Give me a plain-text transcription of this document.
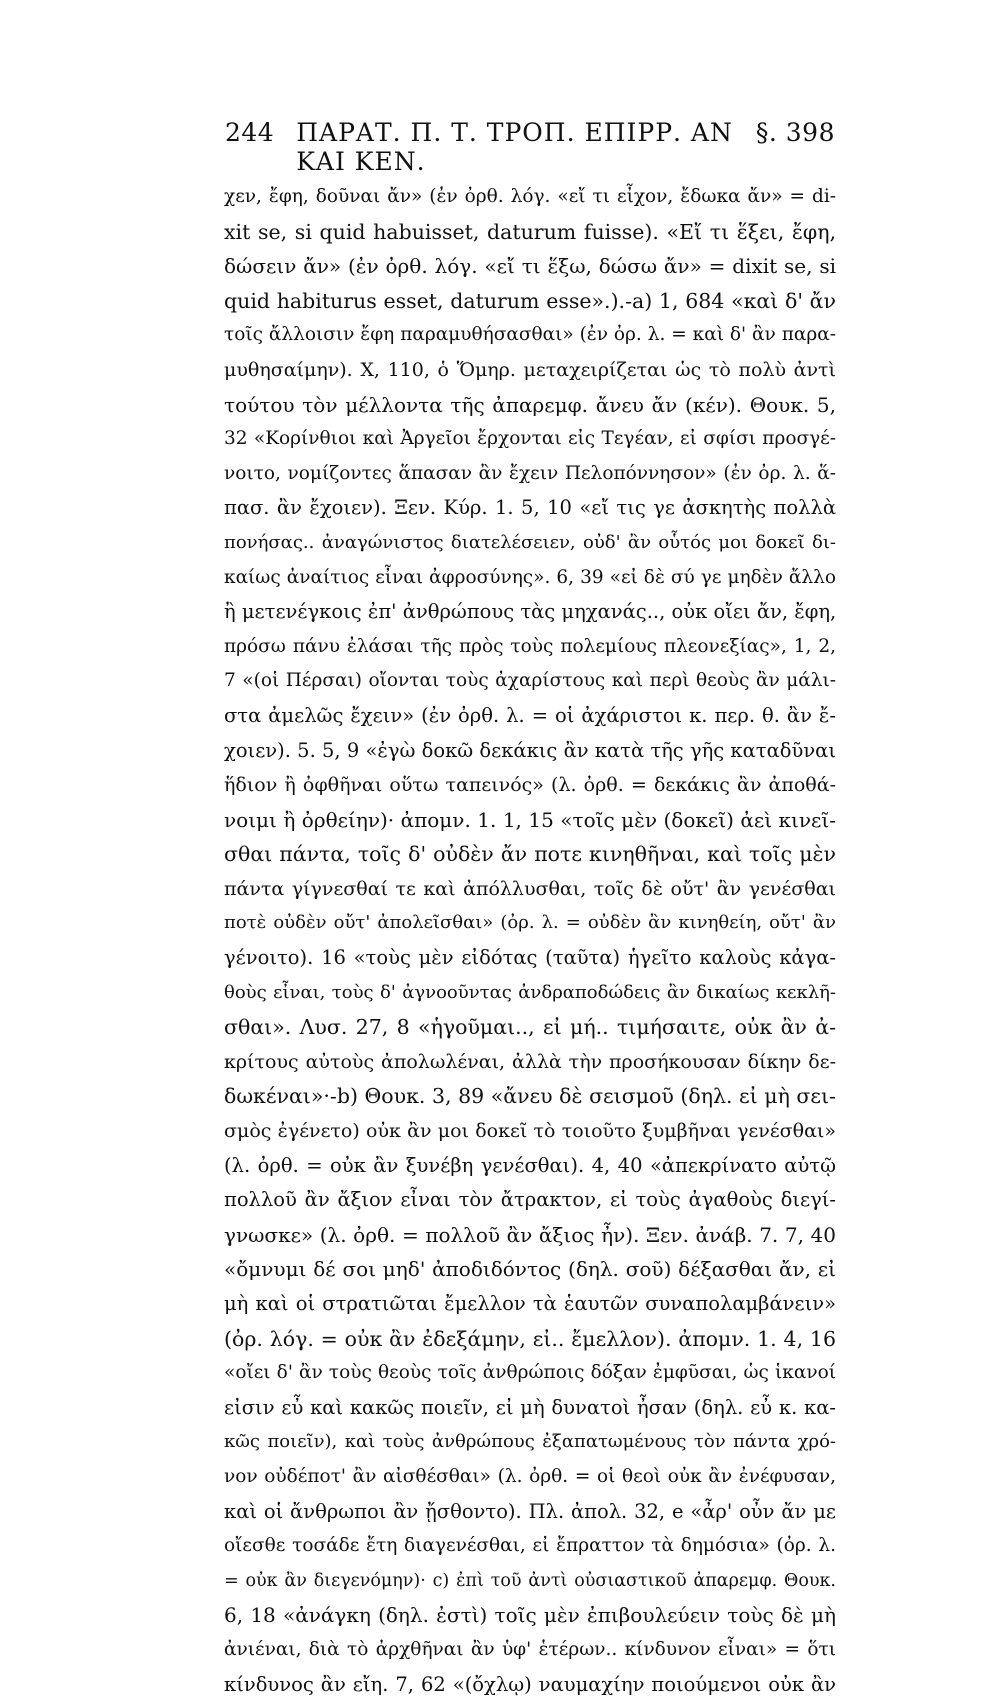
244 ΠΑΡΑΤ. Π. Τ. ΤΡΟΠ. ΕΠΙΡΡ. ΑΝ ΚΑΙ ΚΕΝ.
§. 398
χεν, ἔφη, δοῦναι ἄν» (ἐν ὀρθ. λόγ. «εἴ τι εἶχον, ἔδωκα ἄν» = di-
xit se, si quid habuisset, daturum fuisse). «Εἴ τι ἕξει, ἔφη,
δώσειν ἄν» (ἐν ὀρθ. λόγ. «εἴ τι ἕξω, δώσω ἄν» = dixit se, si
quid habiturus esset, daturum esse».).-a) 1, 684 «καὶ δ' ἄν
τοῖς ἄλλοισιν ἔφη παραμυθήσασθαι» (ἐν ὀρ. λ. = καὶ δ' ἂν παρα-
μυθησαίμην). Χ, 110, ὁ Ὅμηρ. μεταχειρίζεται ὡς τὸ πολὺ ἀντὶ
τούτου τὸν μέλλοντα τῆς ἀπαρεμφ. ἄνευ ἄν (κέν). Θουκ. 5,
32 «Κορίνθιοι καὶ Ἀργεῖοι ἔρχονται εἰς Τεγέαν, εἰ σφίσι προσγέ-
νοιτο, νομίζοντες ἅπασαν ἂν ἔχειν Πελοπόννησον» (ἐν ὀρ. λ. ἅ-
πασ. ἂν ἔχοιεν). Ξεν. Κύρ. 1. 5, 10 «εἴ τις γε ἀσκητὴς πολλὰ
πονήσας.. ἀναγώνιστος διατελέσειεν, οὐδ' ἂν οὗτός μοι δοκεῖ δι-
καίως ἀναίτιος εἶναι ἀφροσύνης». 6, 39 «εἰ δὲ σύ γε μηδὲν ἄλλο
ἢ μετενέγκοις ἐπ' ἀνθρώπους τὰς μηχανάς.., οὐκ οἴει ἄν, ἔφη,
πρόσω πάνυ ἐλάσαι τῆς πρὸς τοὺς πολεμίους πλεονεξίας», 1, 2,
7 «(οἱ Πέρσαι) οἴονται τοὺς ἀχαρίστους καὶ περὶ θεοὺς ἂν μάλι-
στα ἀμελῶς ἔχειν» (ἐν ὀρθ. λ. = οἱ ἀχάριστοι κ. περ. θ. ἂν ἔ-
χοιεν). 5. 5, 9 «ἐγὼ δοκῶ δεκάκις ἂν κατὰ τῆς γῆς καταδῦναι
ἥδιον ἢ ὀφθῆναι οὕτω ταπεινός» (λ. ὀρθ. = δεκάκις ἂν ἀποθά-
νοιμι ἢ ὀρθείην)· ἀπομν. 1. 1, 15 «τοῖς μὲν (δοκεῖ) ἀεὶ κινεῖ-
σθαι πάντα, τοῖς δ' οὐδὲν ἄν ποτε κινηθῆναι, καὶ τοῖς μὲν
πάντα γίγνεσθαί τε καὶ ἀπόλλυσθαι, τοῖς δὲ οὔτ' ἂν γενέσθαι
ποτὲ οὐδὲν οὔτ' ἀπολεῖσθαι» (ὀρ. λ. = οὐδὲν ἂν κινηθείη, οὔτ' ἂν
γένοιτο). 16 «τοὺς μὲν εἰδότας (ταῦτα) ἡγεῖτο καλοὺς κἀγα-
θοὺς εἶναι, τοὺς δ' ἀγνοοῦντας ἀνδραποδώδεις ἂν δικαίως κεκλῆ-
σθαι». Λυσ. 27, 8 «ἡγοῦμαι.., εἰ μή.. τιμήσαιτε, οὐκ ἂν ἀ-
κρίτους αὐτοὺς ἀπολωλέναι, ἀλλὰ τὴν προσήκουσαν δίκην δε-
δωκέναι»·-b) Θουκ. 3, 89 «ἄνευ δὲ σεισμοῦ (δηλ. εἰ μὴ σει-
σμὸς ἐγένετο) οὐκ ἂν μοι δοκεῖ τὸ τοιοῦτο ξυμβῆναι γενέσθαι»
(λ. ὀρθ. = οὐκ ἂν ξυνέβη γενέσθαι). 4, 40 «ἀπεκρίνατο αὐτῷ
πολλοῦ ἂν ἄξιον εἶναι τὸν ἄτρακτον, εἰ τοὺς ἀγαθοὺς διεγί-
γνωσκε» (λ. ὀρθ. = πολλοῦ ἂν ἄξιος ἦν). Ξεν. ἀνάβ. 7. 7, 40
«ὄμνυμι δέ σοι μηδ' ἀποδιδόντος (δηλ. σοῦ) δέξασθαι ἄν, εἰ
μὴ καὶ οἱ στρατιῶται ἔμελλον τὰ ἑαυτῶν συναπολαμβάνειν»
(ὀρ. λόγ. = οὐκ ἂν ἐδεξάμην, εἰ.. ἔμελλον). ἀπομν. 1. 4, 16
«οἴει δ' ἂν τοὺς θεοὺς τοῖς ἀνθρώποις δόξαν ἐμφῦσαι, ὡς ἱκανοί
εἰσιν εὖ καὶ κακῶς ποιεῖν, εἰ μὴ δυνατοὶ ἦσαν (δηλ. εὖ κ. κα-
κῶς ποιεῖν), καὶ τοὺς ἀνθρώπους ἐξαπατωμένους τὸν πάντα χρό-
νον οὐδέποτ' ἂν αἰσθέσθαι» (λ. ὀρθ. = οἱ θεοὶ οὐκ ἂν ἐνέφυσαν,
καὶ οἱ ἄνθρωποι ἂν ᾔσθοντο). Πλ. ἀπολ. 32, e «ἆρ' οὖν ἄν με
οἴεσθε τοσάδε ἔτη διαγενέσθαι, εἰ ἔπραττον τὰ δημόσια» (ὀρ. λ.
= οὐκ ἂν διεγενόμην)· c) ἐπὶ τοῦ ἀντὶ οὐσιαστικοῦ ἀπαρεμφ. Θουκ.
6, 18 «ἀνάγκη (δηλ. ἐστὶ) τοῖς μὲν ἐπιβουλεύειν τοὺς δὲ μὴ
ἀνιέναι, διὰ τὸ ἀρχθῆναι ἂν ὑφ' ἑτέρων.. κίνδυνον εἶναι» = ὅτι
κίνδυνος ἂν εἴη. 7, 62 «(ὄχλῳ) ναυμαχίην ποιούμενοι οὐκ ἂν
